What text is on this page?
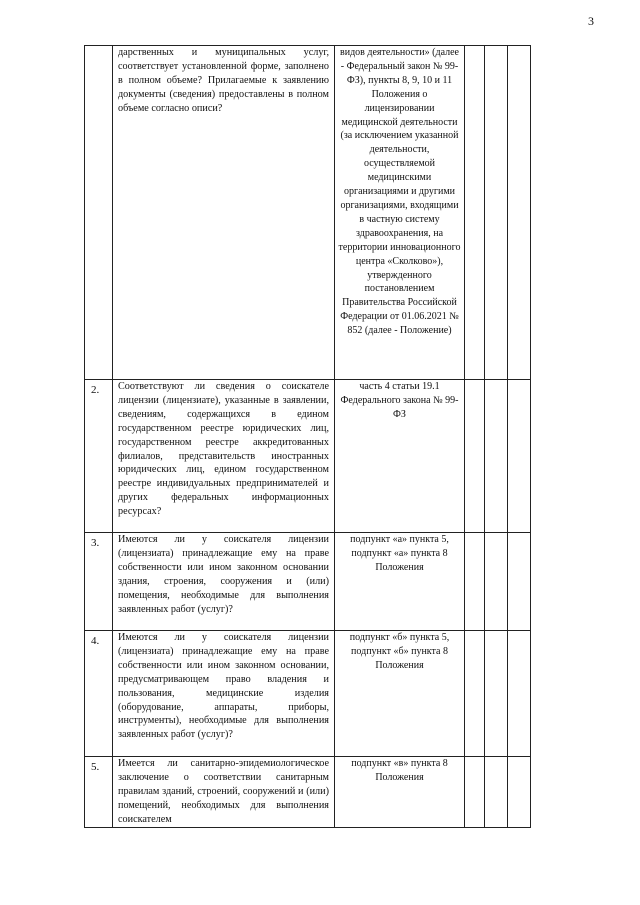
3

	дарственных и муниципальных услуг, соответствует установленной форме, заполнено в полном объеме? Прилагаемые к заявлению документы (сведения) предоставлены в полном объеме согласно описи?	видов деятельности» (далее - Федеральный закон № 99-ФЗ), пункты 8, 9, 10 и 11 Положения о лицензировании медицинской деятельности (за исключением указанной деятельности, осуществляемой медицинскими организациями и другими организациями, входящими в частную систему здравоохранения, на территории инновационного центра «Сколково»), утвержденного постановлением Правительства Российской Федерации от 01.06.2021 № 852 (далее - Положение)			

2.	Соответствуют ли сведения о соискателе лицензии (лицензиате), указанные в заявлении, сведениям, содержащихся в едином государственном реестре юридических лиц, государственном реестре аккредитованных филиалов, представительств иностранных юридических лиц, едином государственном реестре индивидуальных предпринимателей и других федеральных информационных ресурсах?	часть 4 статьи 19.1 Федерального закона № 99-ФЗ			

3.	Имеются ли у соискателя лицензии (лицензиата) принадлежащие ему на праве собственности или ином законном основании здания, строения, сооружения и (или) помещения, необходимые для выполнения заявленных работ (услуг)?	подпункт «а» пункта 5, подпункт «а» пункта 8 Положения			

4.	Имеются ли у соискателя лицензии (лицензиата) принадлежащие ему на праве собственности или ином законном основании, предусматривающем право владения и пользования, медицинские изделия (оборудование, аппараты, приборы, инструменты), необходимые для выполнения заявленных работ (услуг)?	подпункт «б» пункта 5, подпункт «б» пункта 8 Положения			

5.	Имеется ли санитарно-эпидемиологическое заключение о соответствии санитарным правилам зданий, строений, сооружений и (или) помещений, необходимых для выполнения соискателем	подпункт «в» пункта 8 Положения			
